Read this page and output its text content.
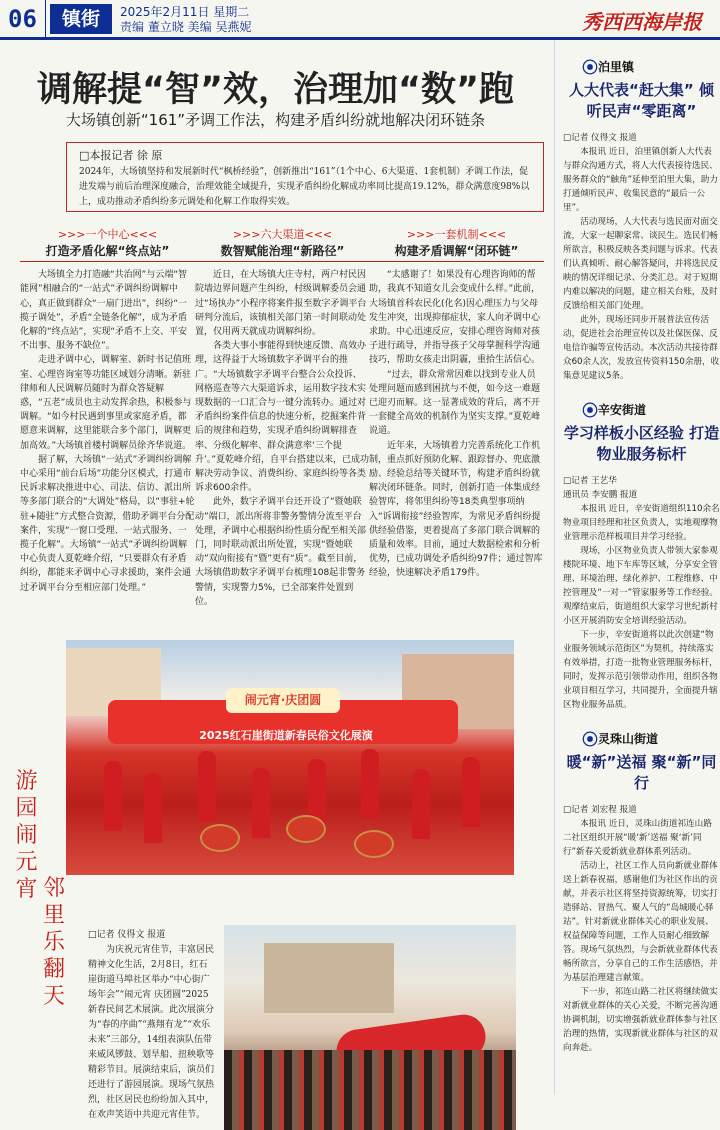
06	镇街	2025年2月11日 星期二
责编 董立晓 美编 吴燕妮	秀西西海岸报
调解提“智”效，治理加“数”跑
大场镇创新“161”矛调工作法，构建矛盾纠纷就地解决闭环链条
□本报记者 徐 原
2024年，大场镇坚持和发展新时代“枫桥经验”，创新推出“161”（1个中心、6大渠道、1套机制）矛调工作法，促进发端与前后治理深度融合，治理效能全域提升，实现矛盾纠纷化解成功率同比提高19.12%，群众满意度98%以上，成功推动矛盾纠纷多元调处和化解工作取得实效。
>>>一个中心<<<
打造矛盾化解“终点站”

大场镇全力打造融“共治网”与云端“智能网”相融合的“一站式”矛调纠纷调解中心，真正做到群众“一扇门进出”，纠纷“一揽子调处”，矛盾“全链条化解”，成为矛盾化解的“终点站”，实现“矛盾不上交、平安不出事、服务不缺位”。

走进矛调中心，调解室、新时书记值班室、心理咨询室等功能区域划分清晰。新驻律师和人民调解员随时为群众答疑解惑，“五老”成员也主动发挥余热，积极参与调解。“如今村民遇到事里或家庭矛盾，都愿意来调解，这里能联合多个部门，调解更加高效。”大场镇首楼村调解员徐齐华说道。

据了解，大场镇“一站式”矛调纠纷调解中心采用“前台后场”功能分区模式，打通市民诉求解决推进中心、司法、信访、派出所等多部门联合的“大调处”格局，以“事驻+轮驻+随驻”方式整合资源，借助矛调平台分配案件，实现“一窗口受理、一站式服务、一揽子化解”。大场镇“一站式”矛调纠纷调解中心负责人夏乾峰介绍，“只要群众有矛盾纠纷，都能来矛调中心寻求援助，案件会通过矛调平台分至相应部门处理。”

>>>六大渠道<<<
数智赋能治理“新路径”

近日，在大场镇大庄寺村，两户村民因院墙边界问题产生纠纷，村级调解委员会通过“场执办”小程序将案件报至数字矛调平台研判分流后，该镇相关部门第一时间联动处置，仅用两天就成功调解纠纷。

各类大事小事能得到快速反馈、高效办理，这得益于大场镇数字矛调平台的推广。“大场镇数字矛调平台整合公众投诉、网格巡查等六大渠道诉求，运用数字技术实现数据的一口汇合与一键分流转办。通过对矛盾纠纷案件信息的快速分析，挖掘案件背后的规律和趋势，实现矛盾纠纷调解排查率、分级化解率、群众满意率‘三个提升’。”夏乾峰介绍，自平台搭建以来，已成功解决劳动争议、消费纠纷、家庭纠纷等各类诉求600余件。

此外，数字矛调平台还开设了“暨她联动”端口，派出所将非警务警情分流至平台处理，矛调中心根据纠纷性质分配至相关部门，同时联动派出所处置，实现“暨她联动”双向衔接有“暨”更有“质”。截至目前，大场镇借助数字矛调平台梳理108起非警务警情，实现警力5%，已全部案件处置到位。

>>>一套机制<<<
构建矛盾调解“闭环链”

“太感谢了！如果没有心理咨询师的帮助，我真不知道女儿会变成什么样。”此前，大场镇首科农民化(化名)因心理压力与父母发生冲突，出现抑郁症状，家人向矛调中心求助。中心迅速反应，安排心理咨询师对孩子进行疏导，并指导孩子父母掌握科学沟通技巧，帮助女孩走出阴霾，重拾生活信心。

“过去，群众常常因难以找到专业人员处理问题而感到困扰与不便，如今这一难题已迎刃而解。这一显著成效的背后，离不开一套健全高效的机制作为坚实支撑。”夏乾峰说道。

近年来，大场镇着力完善系统化工作机制，重点抓好预防化解、跟踪督办、兜底激励、经验总结等关键环节，构建矛盾纠纷就解决闭环链条。同时，创新打造一体集成经验智库，将邻里纠纷等18类典型事项纳入“诉调衔接”经验智库，为常见矛盾纠纷提供经验借鉴，更着提高了多部门联合调解的质量和效率。目前，通过大数据检索和分析优势，已成功调处矛盾纠纷97件；通过智库经验，快速解决矛盾179件。

闹元宵·庆团圆
2025红石崖街道新春民俗文化展演
游园闹元宵 邻里乐翻天
□记者 仪得文 报道
为庆祝元宵佳节，丰富居民精神文化生活，2月8日，红石崖街道马埠社区举办“中心街广场年会”“闹元宵 庆团圆”2025新春民间艺术展演。此次展演分为“春的序曲”“燕翔有龙”“欢乐未来”三部分，14组表演队伍带来威风锣鼓、划旱船、扭秧歌等精彩节目。展演结束后，演员们还进行了游园展演。现场气氛热烈，社区居民也纷纷加入其中，在欢声笑语中共迎元宵佳节。
⦿ 泊里镇
人大代表“赶大集” 倾听民声“零距离”
□记者 仪得文 报道

本报讯 近日，泊里镇创新人大代表与群众沟通方式，将人大代表接待选民、服务群众的“触角”延伸至泊里大集，助力打通倾听民声、收集民意的“最后一公里”。

活动现场，人大代表与选民面对面交流，大家一起聊家常、谈民生。选民们畅所欲言，积极反映各类问题与诉求。代表们认真倾听、耐心解答疑问，并将选民反映的情况详细记录、分类汇总。对于短期内难以解决的问题，建立相关台账，及时反馈给相关部门处理。

此外，现场还同步开展普法宣传活动，促进社会治理宣传以及社保医保、反电信诈骗等宣传活动。本次活动共接待群众60余人次，发放宣传资料150余册，收集意见建议5条。

⦿ 辛安街道
学习样板小区经验 打造物业服务标杆
□记者 王艺华
通讯员 李安鹏 报道

本报讯 近日，辛安街道组织110余名物业项目经理和社区负责人，实地观摩物业管理示范样板项目并学习经验。

现场，小区物业负责人带领大家参观楼院环境、地下车库等区域，分享安全管理、环境治理、绿化养护、工程维修、中控管理及“一对一”管家服务等工作经验。观摩结束后，街道组织大家学习世纪新村小区开展消防安全培训经验活动。

下一步，辛安街道将以此次创建“物业服务领域示范街区”为契机，持续落实有效举措，打造一批物业管理服务标杆，同时，发挥示范引领带动作用，组织各物业项目相互学习，共同提升，全面提升辖区物业服务品质。

⦿ 灵珠山街道
暖“新”送福 聚“新”同行
□记者 刘宏程 报道

本报讯 近日，灵珠山街道祁连山路二社区组织开展“暖‘新’送福 聚‘新’同行”新春关爱新就业群体系列活动。

活动上，社区工作人员向新就业群体送上新春祝福，感谢他们为社区作出的贡献，并表示社区将坚持资源统筹，切实打造驿站、冒热气、聚人气的“岛城暖心驿站”。针对新就业群体关心的职业发展、权益保障等问题，工作人员耐心细致解答。现场气氛热烈，与会新就业群体代表畅所欲言，分享自己的工作生活感悟，并为基层治理建言献策。

下一步，祁连山路二社区将继续做实对新就业群体的关心关爱，不断完善沟通协调机制，切实增强新就业群体参与社区治理的热情，实现新就业群体与社区的双向奔赴。
